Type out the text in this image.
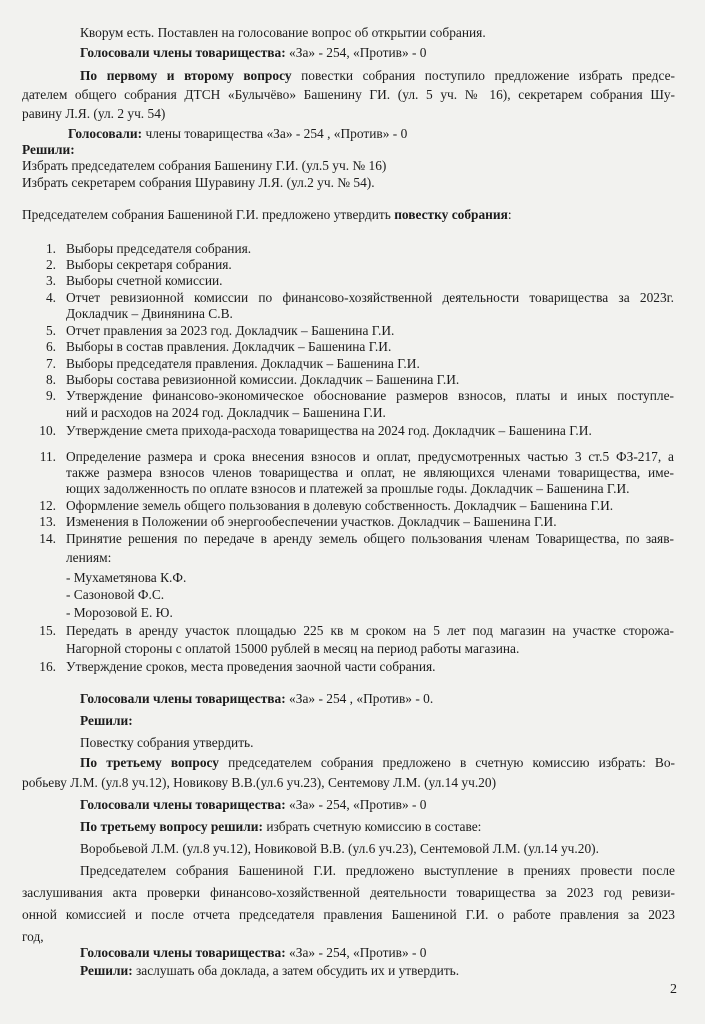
Кворум есть. Поставлен на голосование вопрос об открытии собрания.
Голосовали члены товарищества: «За» - 254, «Против» - 0
По первому и второму вопросу повестки собрания поступило предложение избрать предсе-
дателем общего собрания ДТСН «Булычёво» Башенину ГИ. (ул. 5 уч. № 16), секретарем собрания Шу-
равину Л.Я. (ул. 2 уч. 54)
Голосовали: члены товарищества «За» - 254 , «Против» - 0
Решили:
Избрать председателем собрания Башенину Г.И. (ул.5 уч. № 16)
Избрать секретарем собрания Шуравину Л.Я. (ул.2 уч. № 54).
Председателем собрания Башениной Г.И. предложено утвердить повестку собрания:
1. Выборы председателя собрания.
2. Выборы секретаря собрания.
3. Выборы счетной комиссии.
4. Отчет ревизионной комиссии по финансово-хозяйственной деятельности товарищества за 2023г.
Докладчик – Двинянина С.В.
5. Отчет правления за 2023 год. Докладчик – Башенина Г.И.
6. Выборы в состав правления. Докладчик – Башенина Г.И.
7. Выборы председателя правления. Докладчик – Башенина Г.И.
8. Выборы состава ревизионной комиссии. Докладчик – Башенина Г.И.
9. Утверждение финансово-экономическое обоснование размеров взносов, платы и иных поступле-
ний и расходов на 2024 год. Докладчик – Башенина Г.И.
10. Утверждение смета прихода-расхода товарищества на 2024 год. Докладчик – Башенина Г.И.
11. Определение размера и срока внесения взносов и оплат, предусмотренных частью 3 ст.5 ФЗ-217, а
также размера взносов членов товарищества и оплат, не являющихся членами товарищества, име-
ющих задолженность по оплате взносов и платежей за прошлые годы. Докладчик – Башенина Г.И.
12. Оформление земель общего пользования в долевую собственность. Докладчик – Башенина Г.И.
13. Изменения в Положении об энергообеспечении участков. Докладчик – Башенина Г.И.
14. Принятие решения по передаче в аренду земель общего пользования членам Товарищества, по заяв-
лениям:
- Мухаметянова К.Ф.
- Сазоновой Ф.С.
- Морозовой Е. Ю.
15. Передать в аренду участок площадью 225 кв м сроком на 5 лет под магазин на участке сторожа-
Нагорной стороны с оплатой 15000 рублей в месяц на период работы магазина.
16. Утверждение сроков, места проведения заочной части собрания.
Голосовали члены товарищества: «За» - 254 , «Против» - 0.
Решили:
Повестку собрания утвердить.
По третьему вопросу председателем собрания предложено в счетную комиссию избрать: Во-
робьеву Л.М. (ул.8 уч.12), Новикову В.В.(ул.6 уч.23), Сентемову Л.М. (ул.14 уч.20)
Голосовали члены товарищества: «За» - 254, «Против» - 0
По третьему вопросу решили: избрать счетную комиссию в составе:
Воробьевой Л.М. (ул.8 уч.12), Новиковой В.В. (ул.6 уч.23), Сентемовой Л.М. (ул.14 уч.20).
Председателем собрания Башениной Г.И. предложено выступление в прениях провести после
заслушивания акта проверки финансово-хозяйственной деятельности товарищества за 2023 год ревизи-
онной комиссией и после отчета председателя правления Башениной Г.И. о работе правления за 2023
год,
Голосовали члены товарищества: «За» - 254, «Против» - 0
Решили: заслушать оба доклада, а затем обсудить их и утвердить.
2
